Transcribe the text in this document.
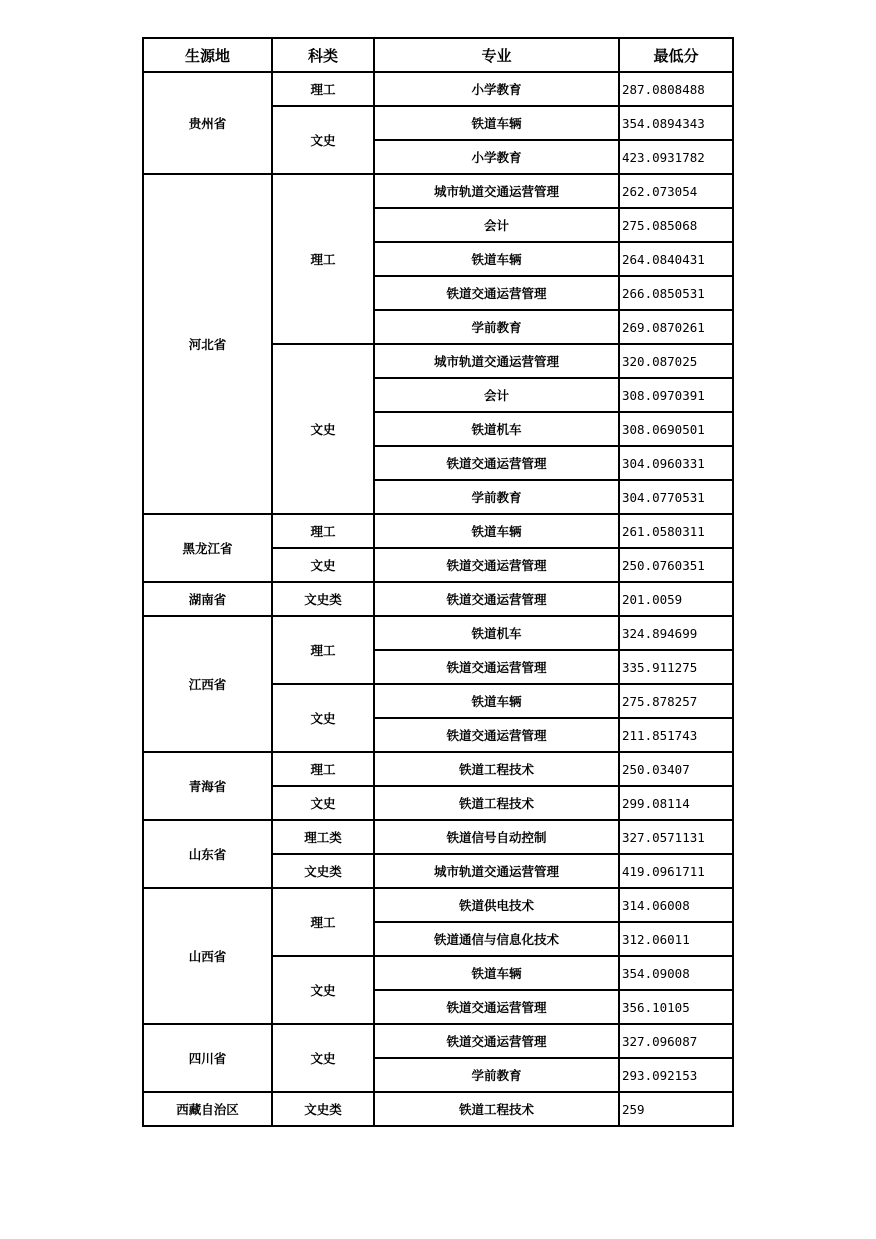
生源地	科类	专业	最低分
贵州省	理工	小学教育	287.0808488
	文史	铁道车辆	354.0894343
		小学教育	423.0931782
河北省	理工	城市轨道交通运营管理	262.073054
		会计	275.085068
		铁道车辆	264.0840431
		铁道交通运营管理	266.0850531
		学前教育	269.0870261
	文史	城市轨道交通运营管理	320.087025
		会计	308.0970391
		铁道机车	308.0690501
		铁道交通运营管理	304.0960331
		学前教育	304.0770531
黑龙江省	理工	铁道车辆	261.0580311
	文史	铁道交通运营管理	250.0760351
湖南省	文史类	铁道交通运营管理	201.0059
江西省	理工	铁道机车	324.894699
		铁道交通运营管理	335.911275
	文史	铁道车辆	275.878257
		铁道交通运营管理	211.851743
青海省	理工	铁道工程技术	250.03407
	文史	铁道工程技术	299.08114
山东省	理工类	铁道信号自动控制	327.0571131
	文史类	城市轨道交通运营管理	419.0961711
山西省	理工	铁道供电技术	314.06008
		铁道通信与信息化技术	312.06011
	文史	铁道车辆	354.09008
		铁道交通运营管理	356.10105
四川省	文史	铁道交通运营管理	327.096087
		学前教育	293.092153
西藏自治区	文史类	铁道工程技术	259
